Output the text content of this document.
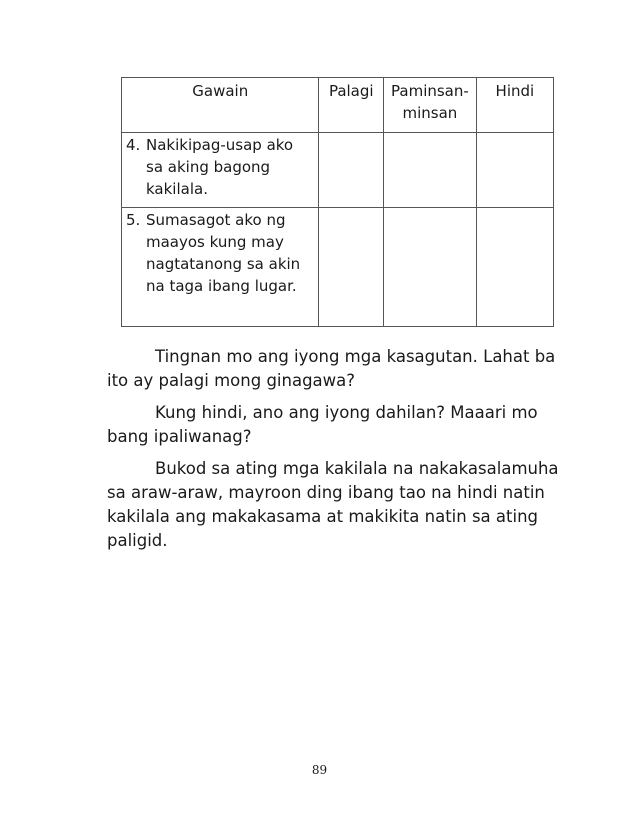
Gawain	Palagi	Paminsan-minsan	Hindi

4. Nakikipag-usap ako sa aking bagong kakilala.			

5. Sumasagot ako ng maayos kung may nagtatanong sa akin na taga ibang lugar.			

Tingnan mo ang iyong mga kasagutan. Lahat ba ito ay palagi mong ginagawa?

Kung hindi, ano ang iyong dahilan? Maaari mo bang ipaliwanag?

Bukod sa ating mga kakilala na nakakasalamuha sa araw-araw, mayroon ding ibang tao na hindi natin kakilala ang makakasama at makikita natin sa ating paligid.

89
